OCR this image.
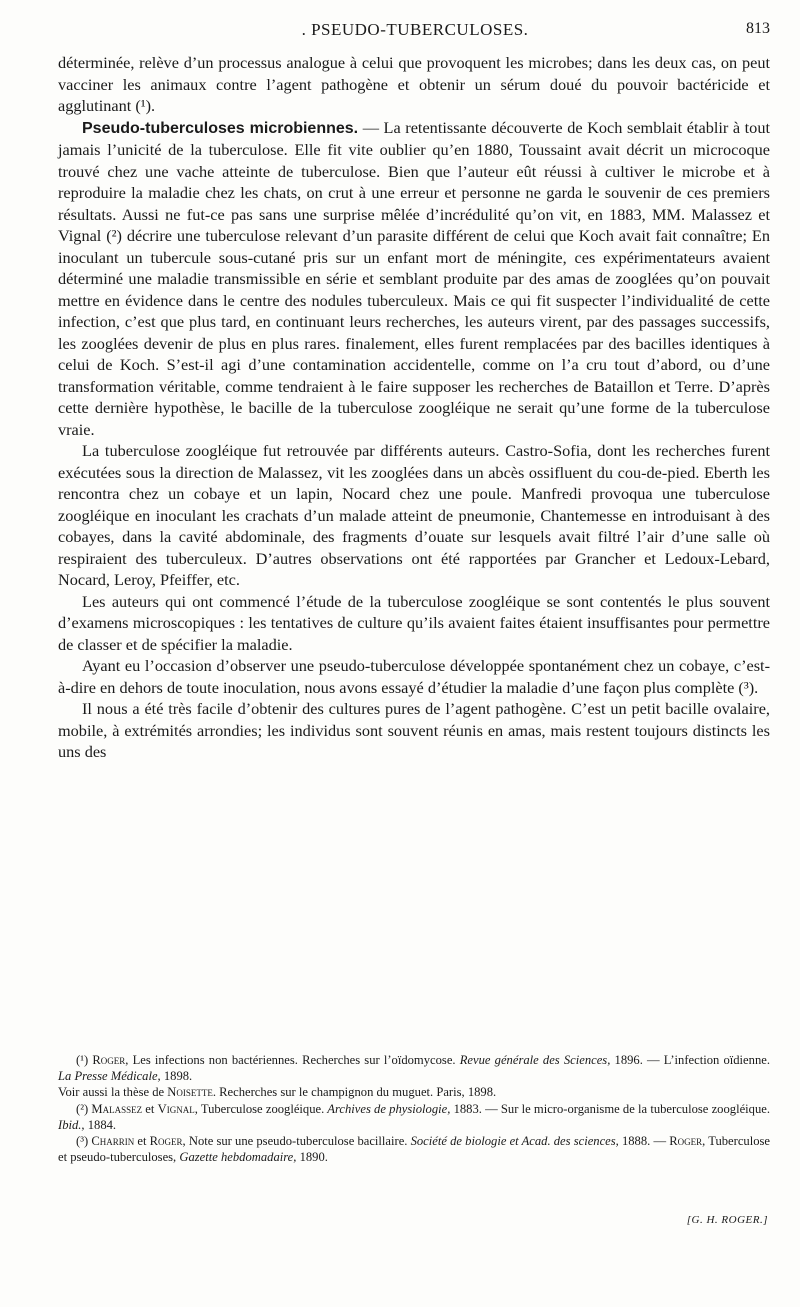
. PSEUDO-TUBERCULOSES.	813

déterminée, relève d’un processus analogue à celui que provoquent les microbes; dans les deux cas, on peut vacciner les animaux contre l’agent pathogène et obtenir un sérum doué du pouvoir bactéricide et agglutinant (¹).

Pseudo-tuberculoses microbiennes. — La retentissante découverte de Koch semblait établir à tout jamais l’unicité de la tuberculose. Elle fit vite oublier qu’en 1880, Toussaint avait décrit un microcoque trouvé chez une vache atteinte de tuberculose. Bien que l’auteur eût réussi à cultiver le microbe et à reproduire la maladie chez les chats, on crut à une erreur et personne ne garda le souvenir de ces premiers résultats. Aussi ne fut-ce pas sans une surprise mêlée d’incrédulité qu’on vit, en 1883, MM. Malassez et Vignal (²) décrire une tuberculose relevant d’un parasite différent de celui que Koch avait fait connaître; En inoculant un tubercule sous-cutané pris sur un enfant mort de méningite, ces expérimentateurs avaient déterminé une maladie transmissible en série et semblant produite par des amas de zooglées qu’on pouvait mettre en évidence dans le centre des nodules tuberculeux. Mais ce qui fit suspecter l’individualité de cette infection, c’est que plus tard, en continuant leurs recherches, les auteurs virent, par des passages successifs, les zooglées devenir de plus en plus rares. finalement, elles furent remplacées par des bacilles identiques à celui de Koch. S’est-il agi d’une contamination accidentelle, comme on l’a cru tout d’abord, ou d’une transformation véritable, comme tendraient à le faire supposer les recherches de Bataillon et Terre. D’après cette dernière hypothèse, le bacille de la tuberculose zoogléique ne serait qu’une forme de la tuberculose vraie.

La tuberculose zoogléique fut retrouvée par différents auteurs. Castro-Sofia, dont les recherches furent exécutées sous la direction de Malassez, vit les zooglées dans un abcès ossifluent du cou-de-pied. Eberth les rencontra chez un cobaye et un lapin, Nocard chez une poule. Manfredi provoqua une tuberculose zoogléique en inoculant les crachats d’un malade atteint de pneumonie, Chantemesse en introduisant à des cobayes, dans la cavité abdominale, des fragments d’ouate sur lesquels avait filtré l’air d’une salle où respiraient des tuberculeux. D’autres observations ont été rapportées par Grancher et Ledoux-Lebard, Nocard, Leroy, Pfeiffer, etc.

Les auteurs qui ont commencé l’étude de la tuberculose zoogléique se sont contentés le plus souvent d’examens microscopiques : les tentatives de culture qu’ils avaient faites étaient insuffisantes pour permettre de classer et de spécifier la maladie.

Ayant eu l’occasion d’observer une pseudo-tuberculose développée spontanément chez un cobaye, c’est-à-dire en dehors de toute inoculation, nous avons essayé d’étudier la maladie d’une façon plus complète (³).

Il nous a été très facile d’obtenir des cultures pures de l’agent pathogène. C’est un petit bacille ovalaire, mobile, à extrémités arrondies; les individus sont souvent réunis en amas, mais restent toujours distincts les uns des

(¹) Roger, Les infections non bactériennes. Recherches sur l’oïdomycose. Revue générale des Sciences, 1896. — L’infection oïdienne. La Presse Médicale, 1898.

Voir aussi la thèse de Noisette. Recherches sur le champignon du muguet. Paris, 1898.

(²) Malassez et Vignal, Tuberculose zoogléique. Archives de physiologie, 1883. — Sur le micro-organisme de la tuberculose zoogléique. Ibid., 1884.

(³) Charrin et Roger, Note sur une pseudo-tuberculose bacillaire. Société de biologie et Acad. des sciences, 1888. — Roger, Tuberculose et pseudo-tuberculoses, Gazette hebdomadaire, 1890.

[G. H. ROGER.]
